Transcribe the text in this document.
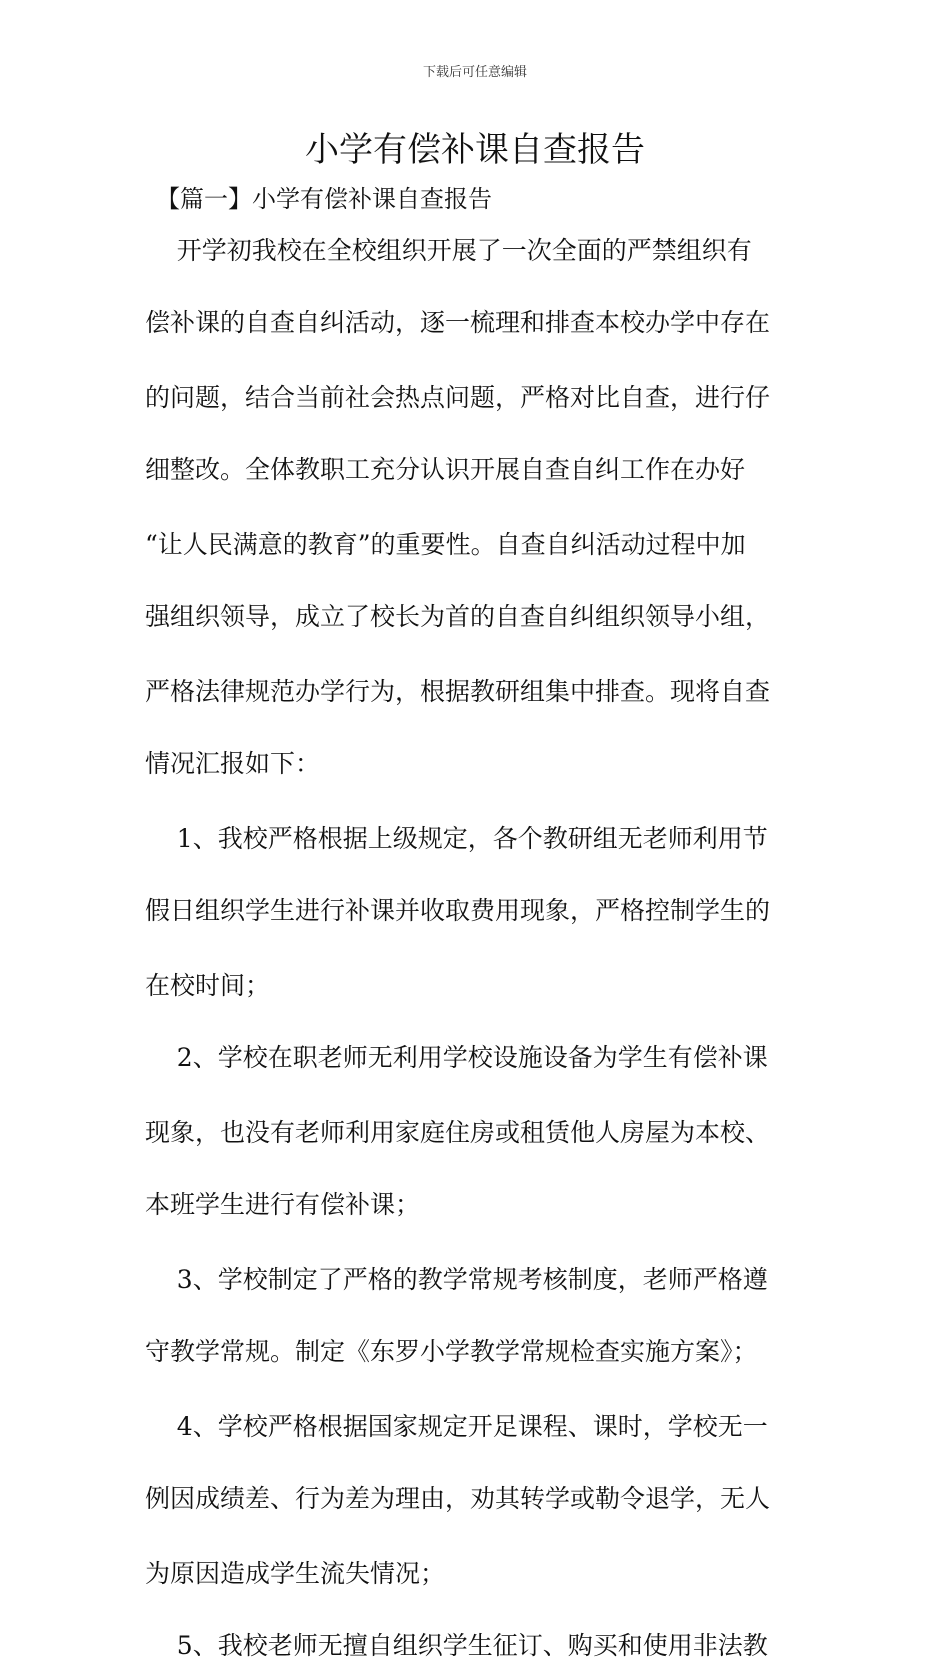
下载后可任意编辑
小学有偿补课自查报告
【篇一】小学有偿补课自查报告
开学初我校在全校组织开展了一次全面的严禁组织有
偿补课的自查自纠活动，逐一梳理和排查本校办学中存在
的问题，结合当前社会热点问题，严格对比自查，进行仔
细整改。全体教职工充分认识开展自查自纠工作在办好
“让人民满意的教育”的重要性。自查自纠活动过程中加
强组织领导，成立了校长为首的自查自纠组织领导小组，
严格法律规范办学行为，根据教研组集中排查。现将自查
情况汇报如下：
1、我校严格根据上级规定，各个教研组无老师利用节
假日组织学生进行补课并收取费用现象，严格控制学生的
在校时间；
2、学校在职老师无利用学校设施设备为学生有偿补课
现象，也没有老师利用家庭住房或租赁他人房屋为本校、
本班学生进行有偿补课；
3、学校制定了严格的教学常规考核制度，老师严格遵
守教学常规。制定《东罗小学教学常规检查实施方案》；
4、学校严格根据国家规定开足课程、课时，学校无一
例因成绩差、行为差为理由，劝其转学或勒令退学，无人
为原因造成学生流失情况；
5、我校老师无擅自组织学生征订、购买和使用非法教
